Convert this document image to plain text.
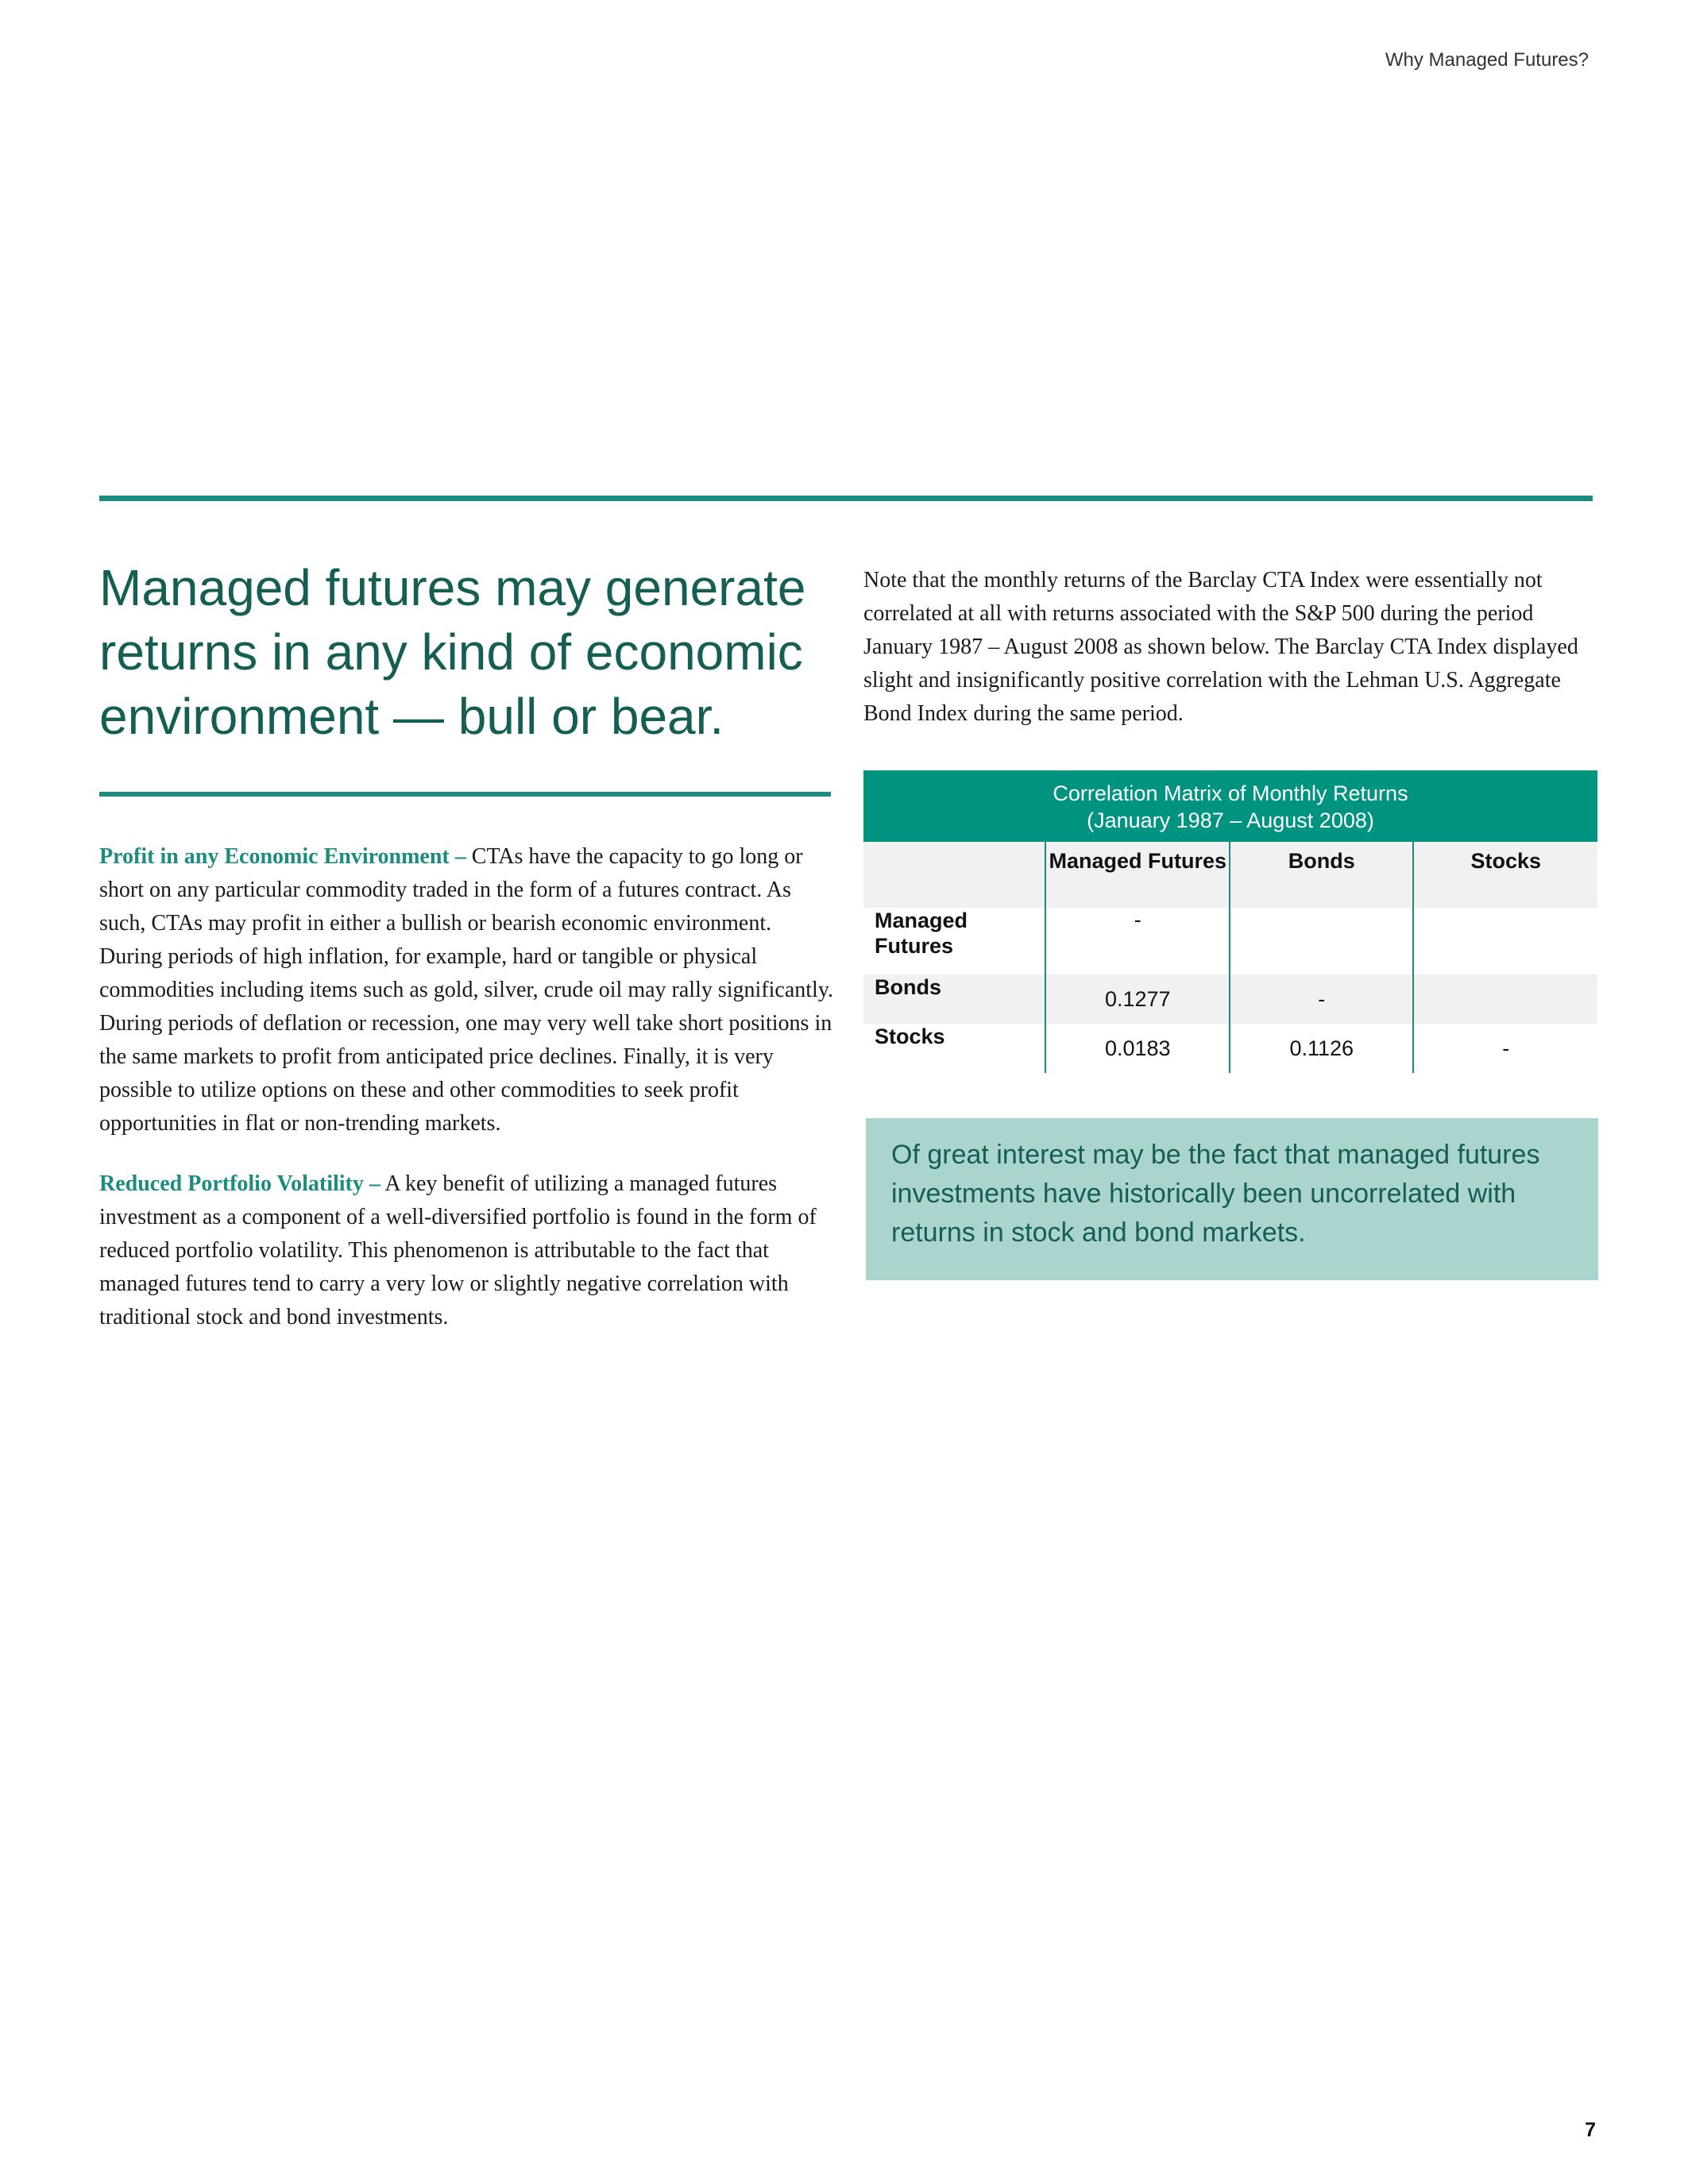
Why Managed Futures?
Managed futures may generate returns in any kind of economic environment — bull or bear.

Profit in any Economic Environment – CTAs have the capacity to go long or short on any particular commodity traded in the form of a futures contract. As such, CTAs may profit in either a bullish or bearish economic environment. During periods of high inflation, for example, hard or tangible or physical commodities including items such as gold, silver, crude oil may rally significantly. During periods of deflation or recession, one may very well take short positions in the same markets to profit from anticipated price declines. Finally, it is very possible to utilize options on these and other commodities to seek profit opportunities in flat or non-trending markets.

Reduced Portfolio Volatility – A key benefit of utilizing a managed futures investment as a component of a well-diversified portfolio is found in the form of reduced portfolio volatility. This phenomenon is attributable to the fact that managed futures tend to carry a very low or slightly negative correlation with traditional stock and bond investments.

Note that the monthly returns of the Barclay CTA Index were essentially not correlated at all with returns associated with the S&P 500 during the period January 1987 – August 2008 as shown below. The Barclay CTA Index displayed slight and insignificantly positive correlation with the Lehman U.S. Aggregate Bond Index during the same period.

Correlation Matrix of Monthly Returns
(January 1987 – August 2008)
	Managed Futures	Bonds	Stocks
Managed Futures	-		
Bonds	0.1277	-	
Stocks	0.0183	0.1126	-
Of great interest may be the fact that managed futures investments have historically been uncorrelated with returns in stock and bond markets.
7
